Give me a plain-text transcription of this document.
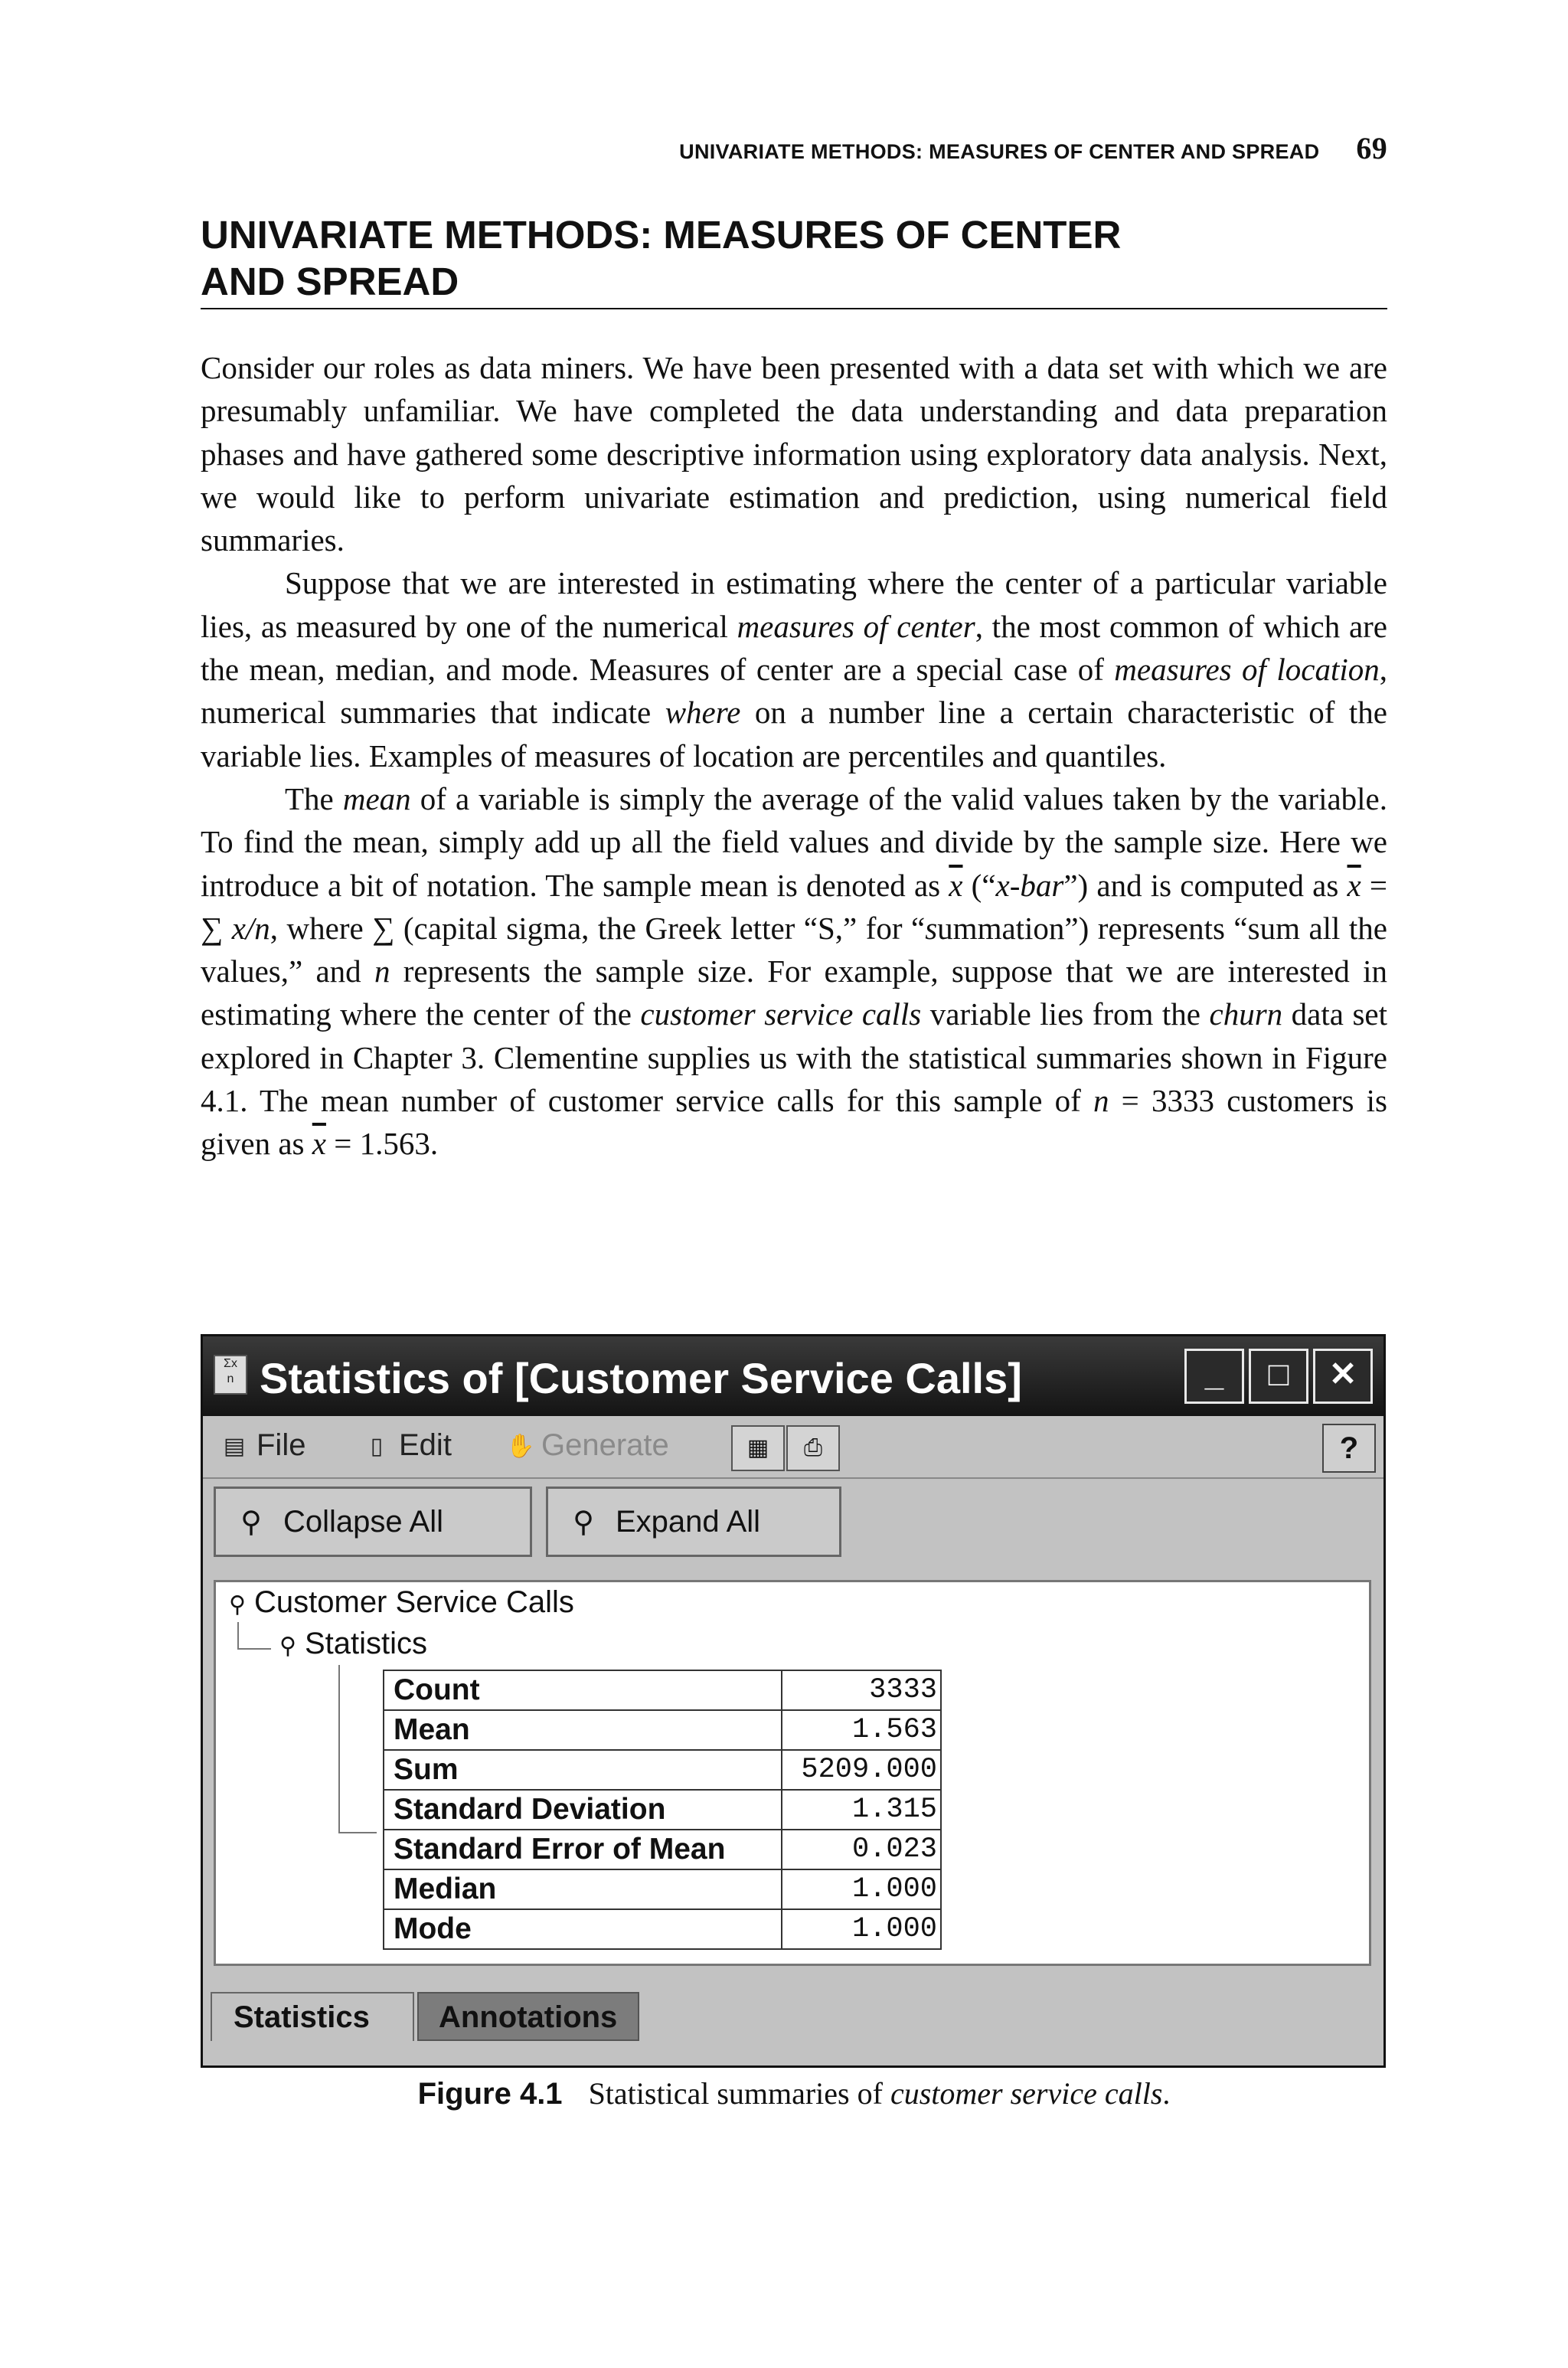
UNIVARIATE METHODS: MEASURES OF CENTER AND SPREAD 69
UNIVARIATE METHODS: MEASURES OF CENTER
AND SPREAD

Consider our roles as data miners. We have been presented with a data set with which we are presumably unfamiliar. We have completed the data understanding and data preparation phases and have gathered some descriptive information using exploratory data analysis. Next, we would like to perform univariate estimation and prediction, using numerical field summaries.

Suppose that we are interested in estimating where the center of a particular variable lies, as measured by one of the numerical measures of center, the most common of which are the mean, median, and mode. Measures of center are a special case of measures of location, numerical summaries that indicate where on a number line a certain characteristic of the variable lies. Examples of measures of location are percentiles and quantiles.

The mean of a variable is simply the average of the valid values taken by the variable. To find the mean, simply add up all the field values and divide by the sample size. Here we introduce a bit of notation. The sample mean is denoted as $\overline{x}$ (“x-bar”) and is computed as $\overline{x}$ = ∑ x/n, where ∑ (capital sigma, the Greek letter “S,” for “summation”) represents “sum all the values,” and n represents the sample size. For example, suppose that we are interested in estimating where the center of the customer service calls variable lies from the churn data set explored in Chapter 3. Clementine supplies us with the statistical summaries shown in Figure 4.1. The mean number of customer service calls for this sample of n = 3333 customers is given as $\overline{x} = 1.563$.

Σx
n Statistics of [Customer Service Calls]	_	□	✕
▤ File	▯ Edit ✋ Generate	▦	⎙	?
⚲ Collapse All	⚲ Expand All
⚲ Customer Service Calls
⚲ Statistics
Count	3333
Mean	1.563
Sum	5209.000
Standard Deviation	1.315
Standard Error of Mean	0.023
Median	1.000
Mode	1.000
Statistics	Annotations
Figure 4.1 Statistical summaries of customer service calls.
